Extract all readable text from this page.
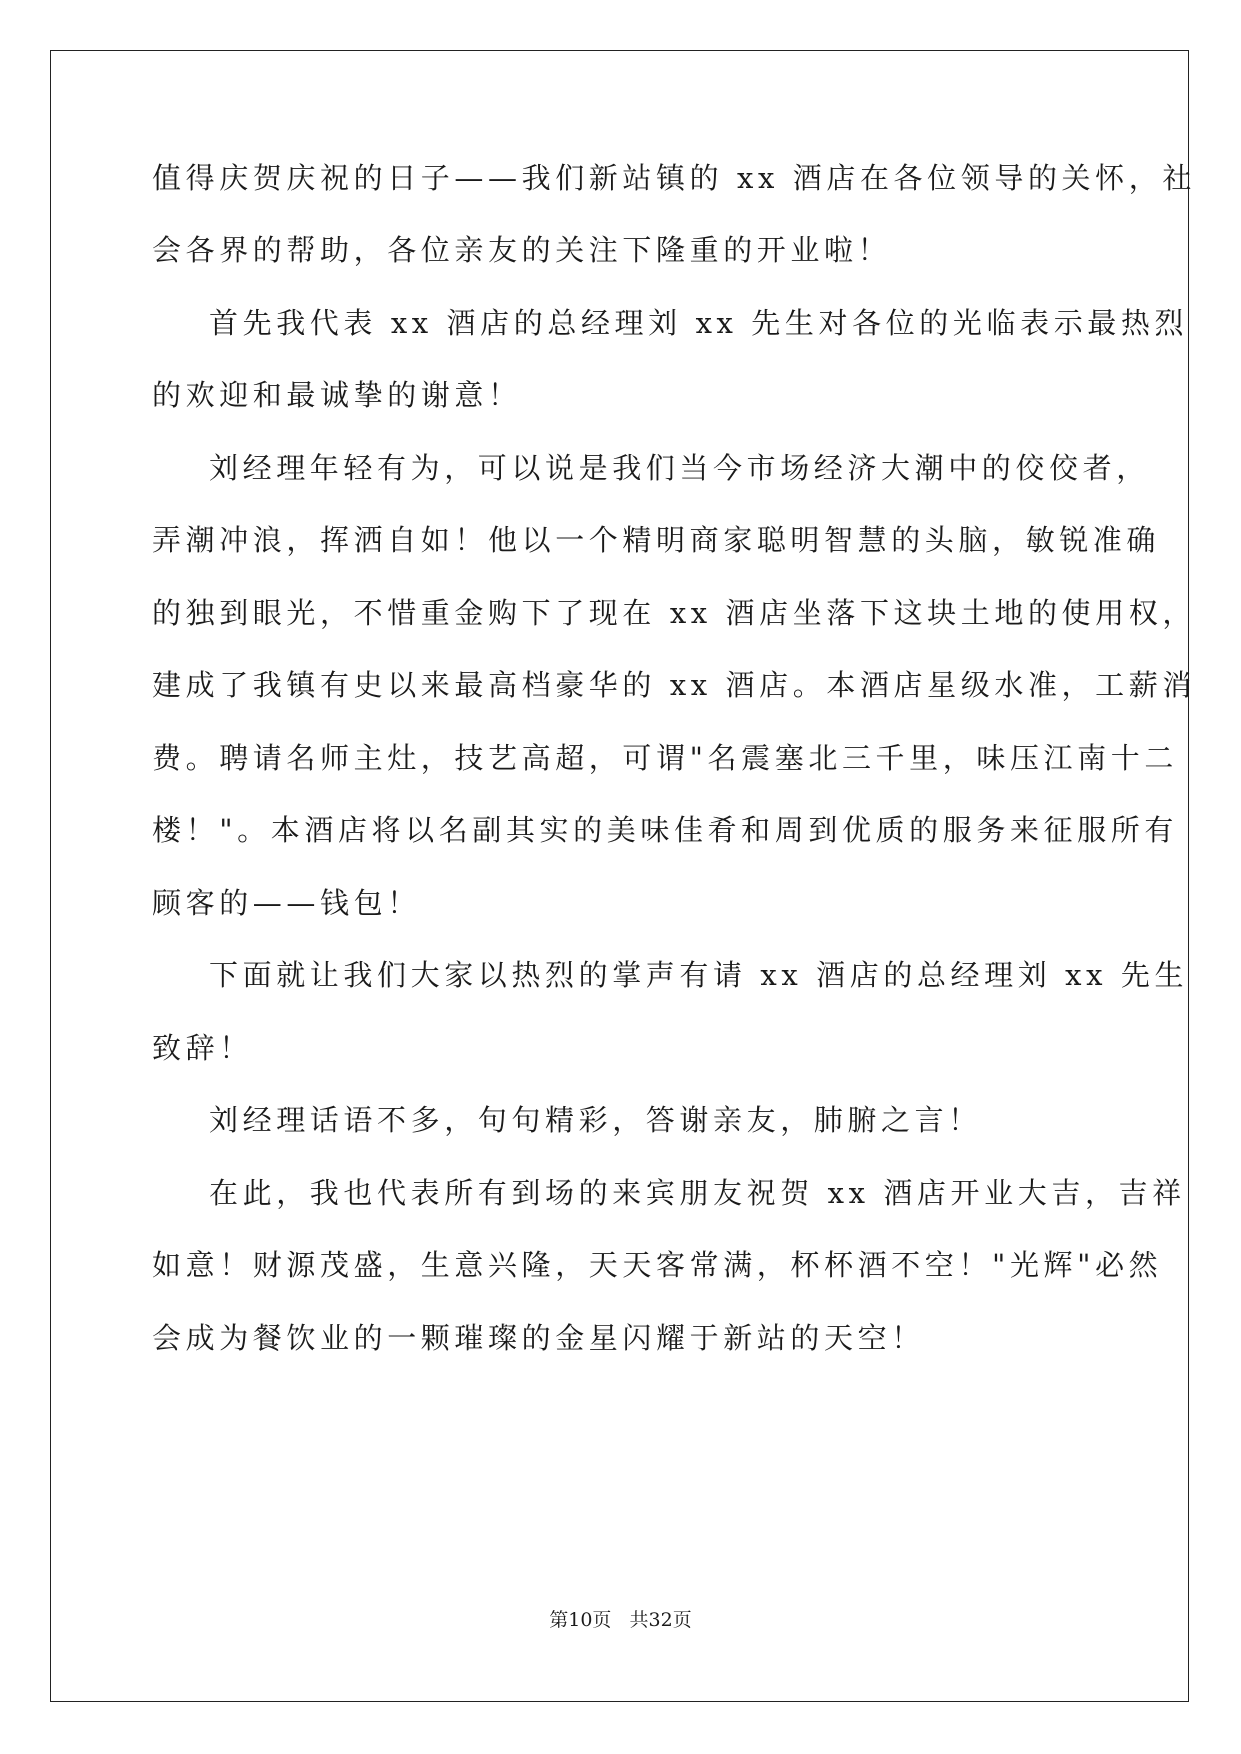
值得庆贺庆祝的日子——我们新站镇的 xx 酒店在各位领导的关怀，社
会各界的帮助，各位亲友的关注下隆重的开业啦！
首先我代表 xx 酒店的总经理刘 xx 先生对各位的光临表示最热烈
的欢迎和最诚挚的谢意！
刘经理年轻有为，可以说是我们当今市场经济大潮中的佼佼者，
弄潮冲浪，挥洒自如！他以一个精明商家聪明智慧的头脑，敏锐准确
的独到眼光，不惜重金购下了现在 xx 酒店坐落下这块土地的使用权，
建成了我镇有史以来最高档豪华的 xx 酒店。本酒店星级水准，工薪消
费。聘请名师主灶，技艺高超，可谓"名震塞北三千里，味压江南十二
楼！"。本酒店将以名副其实的美味佳肴和周到优质的服务来征服所有
顾客的——钱包！
下面就让我们大家以热烈的掌声有请 xx 酒店的总经理刘 xx 先生
致辞！
刘经理话语不多，句句精彩，答谢亲友，肺腑之言！
在此，我也代表所有到场的来宾朋友祝贺 xx 酒店开业大吉，吉祥
如意！财源茂盛，生意兴隆，天天客常满，杯杯酒不空！"光辉"必然
会成为餐饮业的一颗璀璨的金星闪耀于新站的天空！
第10页   共32页
